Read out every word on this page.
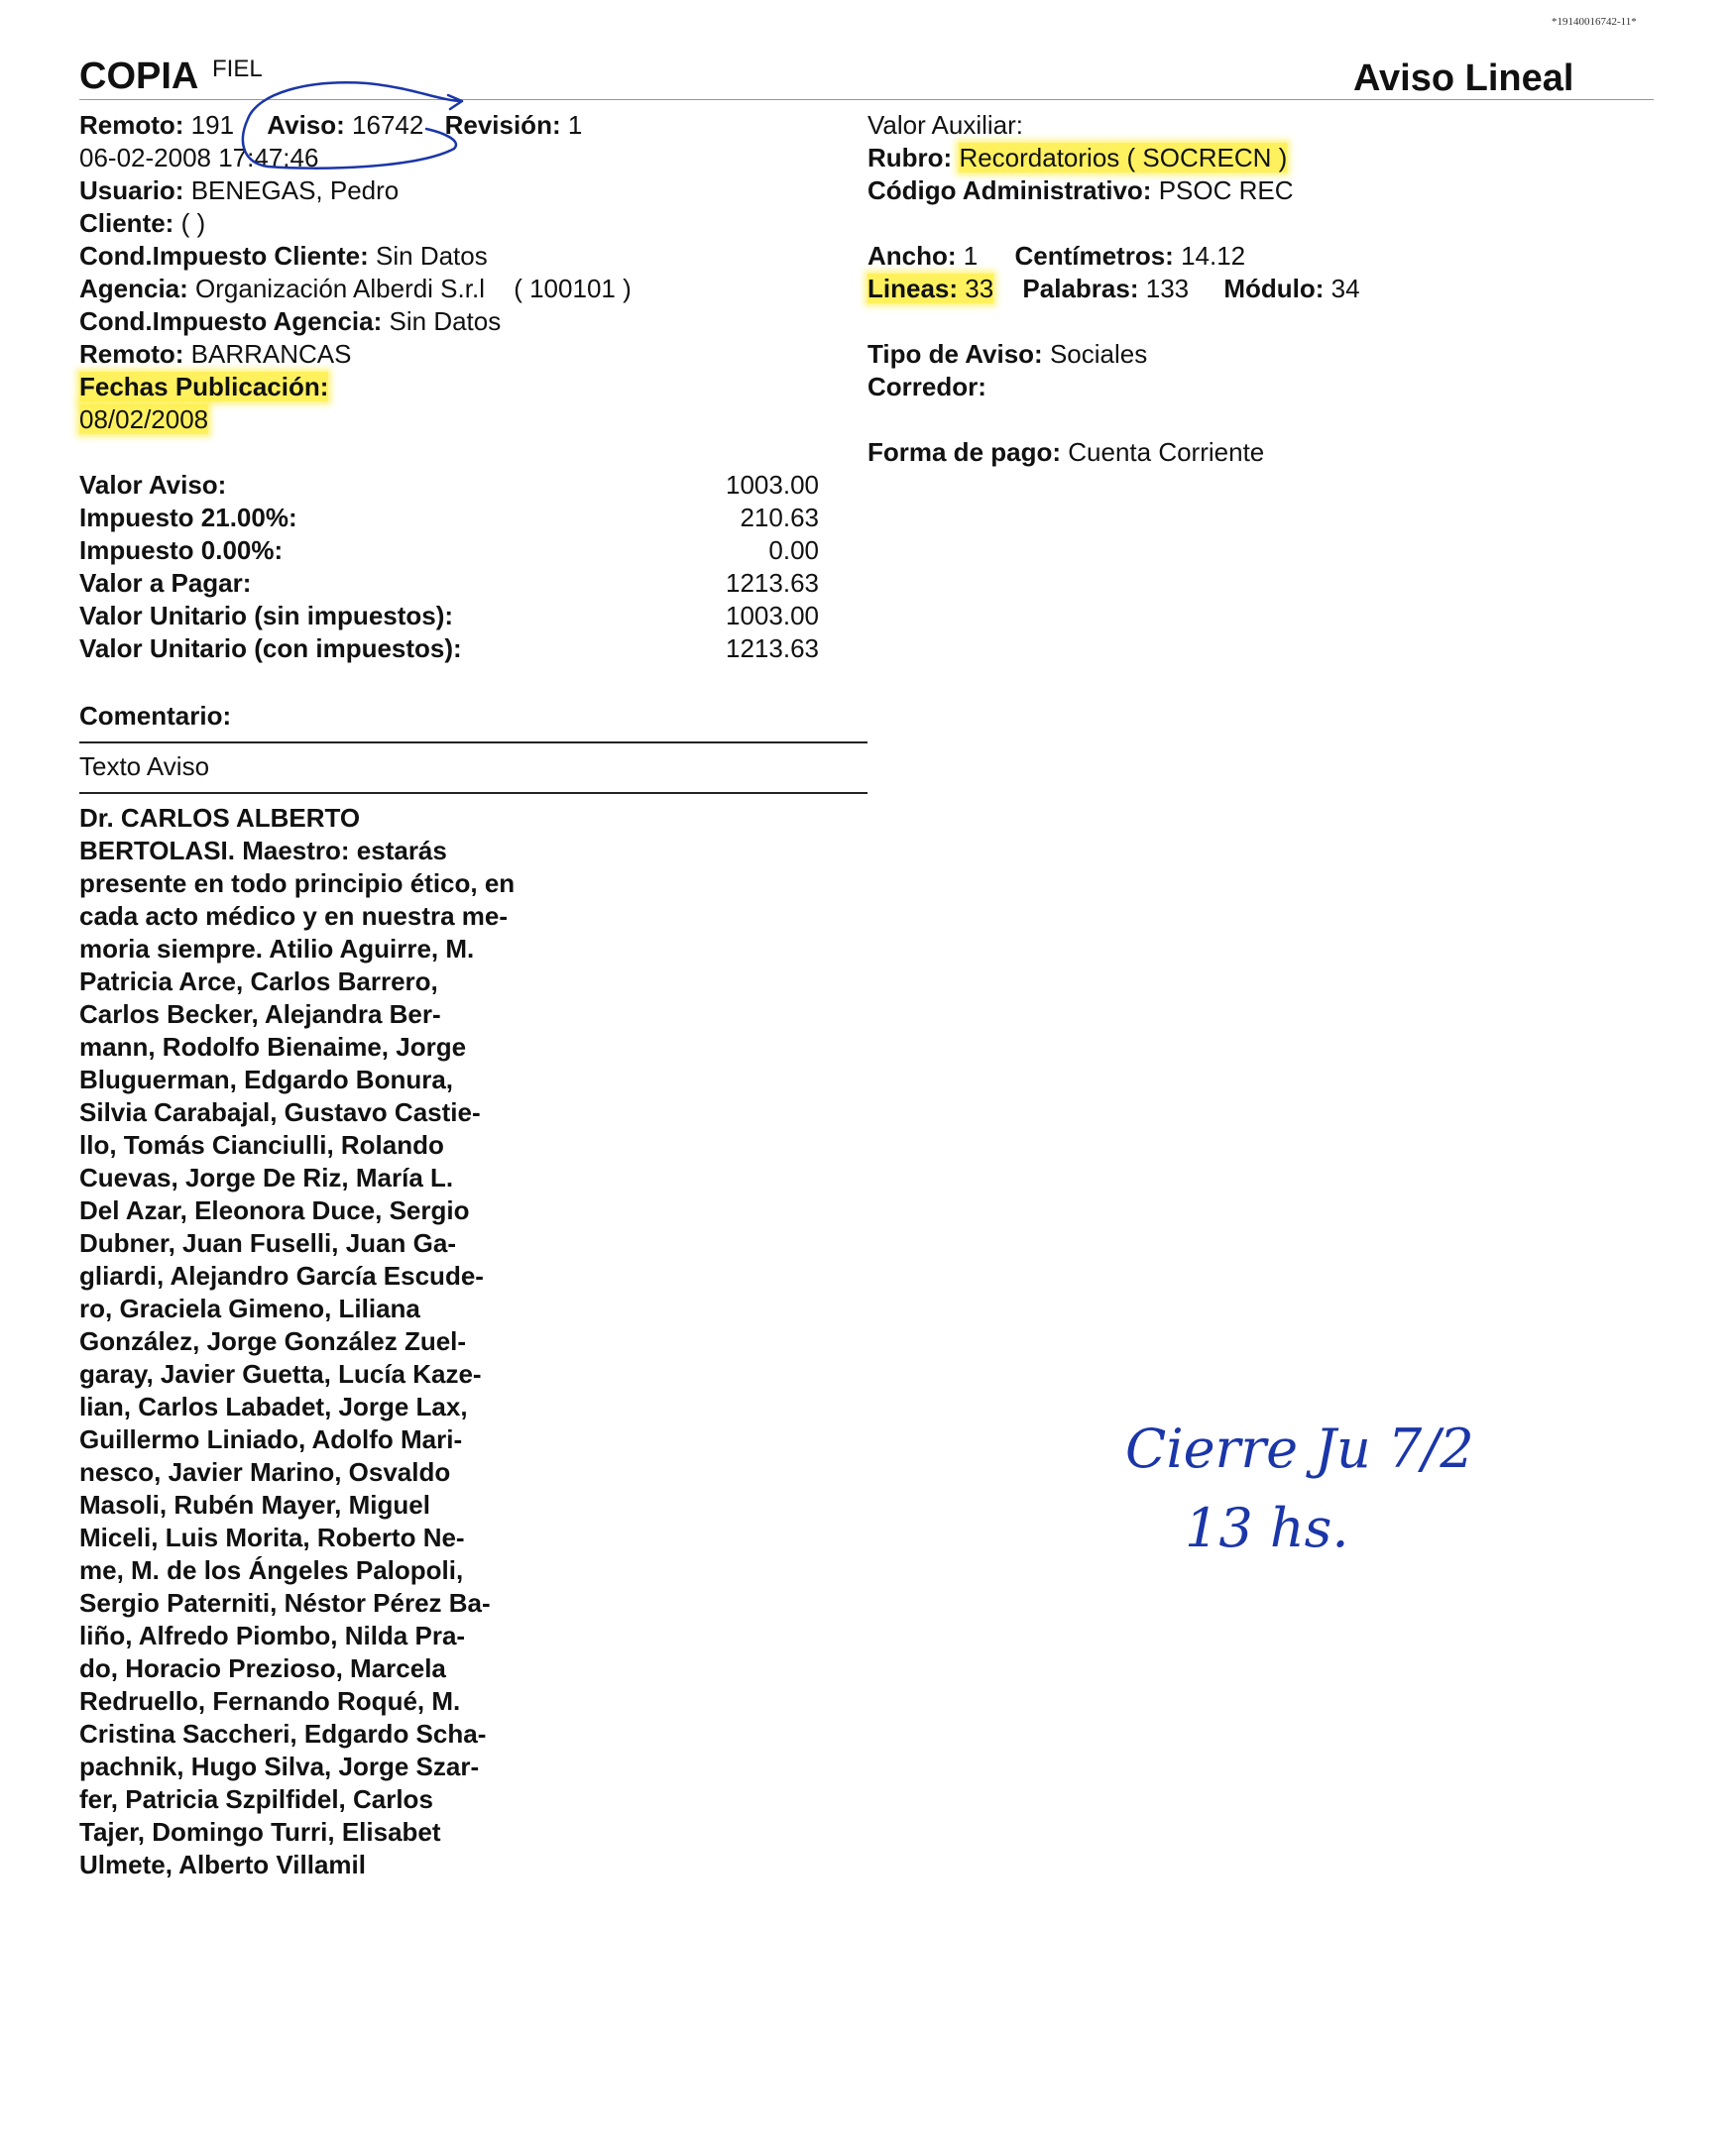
*19140016742-11*
COPIA FIEL	Aviso Lineal
Remoto: 191 Aviso: 16742 Revisión: 1
06-02-2008 17:47:46
Usuario: BENEGAS, Pedro
Cliente: ( )
Cond.Impuesto Cliente: Sin Datos
Agencia: Organización Alberdi S.r.l ( 100101 )
Cond.Impuesto Agencia: Sin Datos
Remoto: BARRANCAS
Fechas Publicación:
08/02/2008
Valor Auxiliar:
Rubro: Recordatorios ( SOCRECN )
Código Administrativo: PSOC REC
Ancho: 1 Centímetros: 14.12
Lineas: 33 Palabras: 133 Módulo: 34
Tipo de Aviso: Sociales
Corredor:
Forma de pago: Cuenta Corriente
Valor Aviso:	1003.00
Impuesto 21.00%:	210.63
Impuesto 0.00%:	0.00
Valor a Pagar:	1213.63
Valor Unitario (sin impuestos):	1003.00
Valor Unitario (con impuestos):	1213.63
Comentario:
Texto Aviso
Dr. CARLOS ALBERTO
BERTOLASI. Maestro: estarás
presente en todo principio ético, en
cada acto médico y en nuestra me-
moria siempre. Atilio Aguirre, M.
Patricia Arce, Carlos Barrero,
Carlos Becker, Alejandra Ber-
mann, Rodolfo Bienaime, Jorge
Bluguerman, Edgardo Bonura,
Silvia Carabajal, Gustavo Castie-
llo, Tomás Cianciulli, Rolando
Cuevas, Jorge De Riz, María L.
Del Azar, Eleonora Duce, Sergio
Dubner, Juan Fuselli, Juan Ga-
gliardi, Alejandro García Escude-
ro, Graciela Gimeno, Liliana
González, Jorge González Zuel-
garay, Javier Guetta, Lucía Kaze-
lian, Carlos Labadet, Jorge Lax,
Guillermo Liniado, Adolfo Mari-
nesco, Javier Marino, Osvaldo
Masoli, Rubén Mayer, Miguel
Miceli, Luis Morita, Roberto Ne-
me, M. de los Ángeles Palopoli,
Sergio Paterniti, Néstor Pérez Ba-
liño, Alfredo Piombo, Nilda Pra-
do, Horacio Prezioso, Marcela
Redruello, Fernando Roqué, M.
Cristina Saccheri, Edgardo Scha-
pachnik, Hugo Silva, Jorge Szar-
fer, Patricia Szpilfidel, Carlos
Tajer, Domingo Turri, Elisabet
Ulmete, Alberto Villamil
Cierre Ju 7/2
13 hs.
